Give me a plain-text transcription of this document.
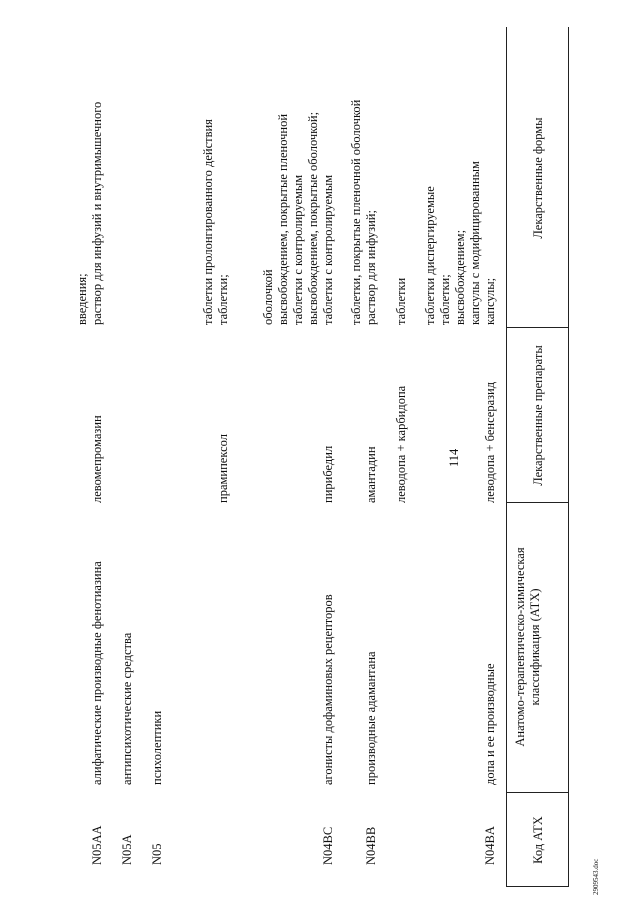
114
2909543.doc
Код АТХ
Анатомо-терапевтическо-химическая классификация (АТХ)
Лекарственные препараты
Лекарственные формы
N04BA
допа и ее производные
леводопа + бенсеразид
капсулы;
капсулы с модифицированным
высвобождением;
таблетки;
таблетки диспергируемые
леводопа + карбидопа
таблетки
N04BB
производные адамантана
амантадин
раствор для инфузий;
таблетки, покрытые пленочной оболочкой
N04BC
агонисты дофаминовых рецепторов
пирибедил
таблетки с контролируемым
высвобождением, покрытые оболочкой;
таблетки с контролируемым
высвобождением, покрытые пленочной
оболочкой
прамипексол
таблетки;
таблетки пролонгированного действия
N05
психолептики
N05A
антипсихотические средства
N05AA
алифатические производные фенотиазина
левомепромазин
раствор для инфузий и внутримышечного
введения;
